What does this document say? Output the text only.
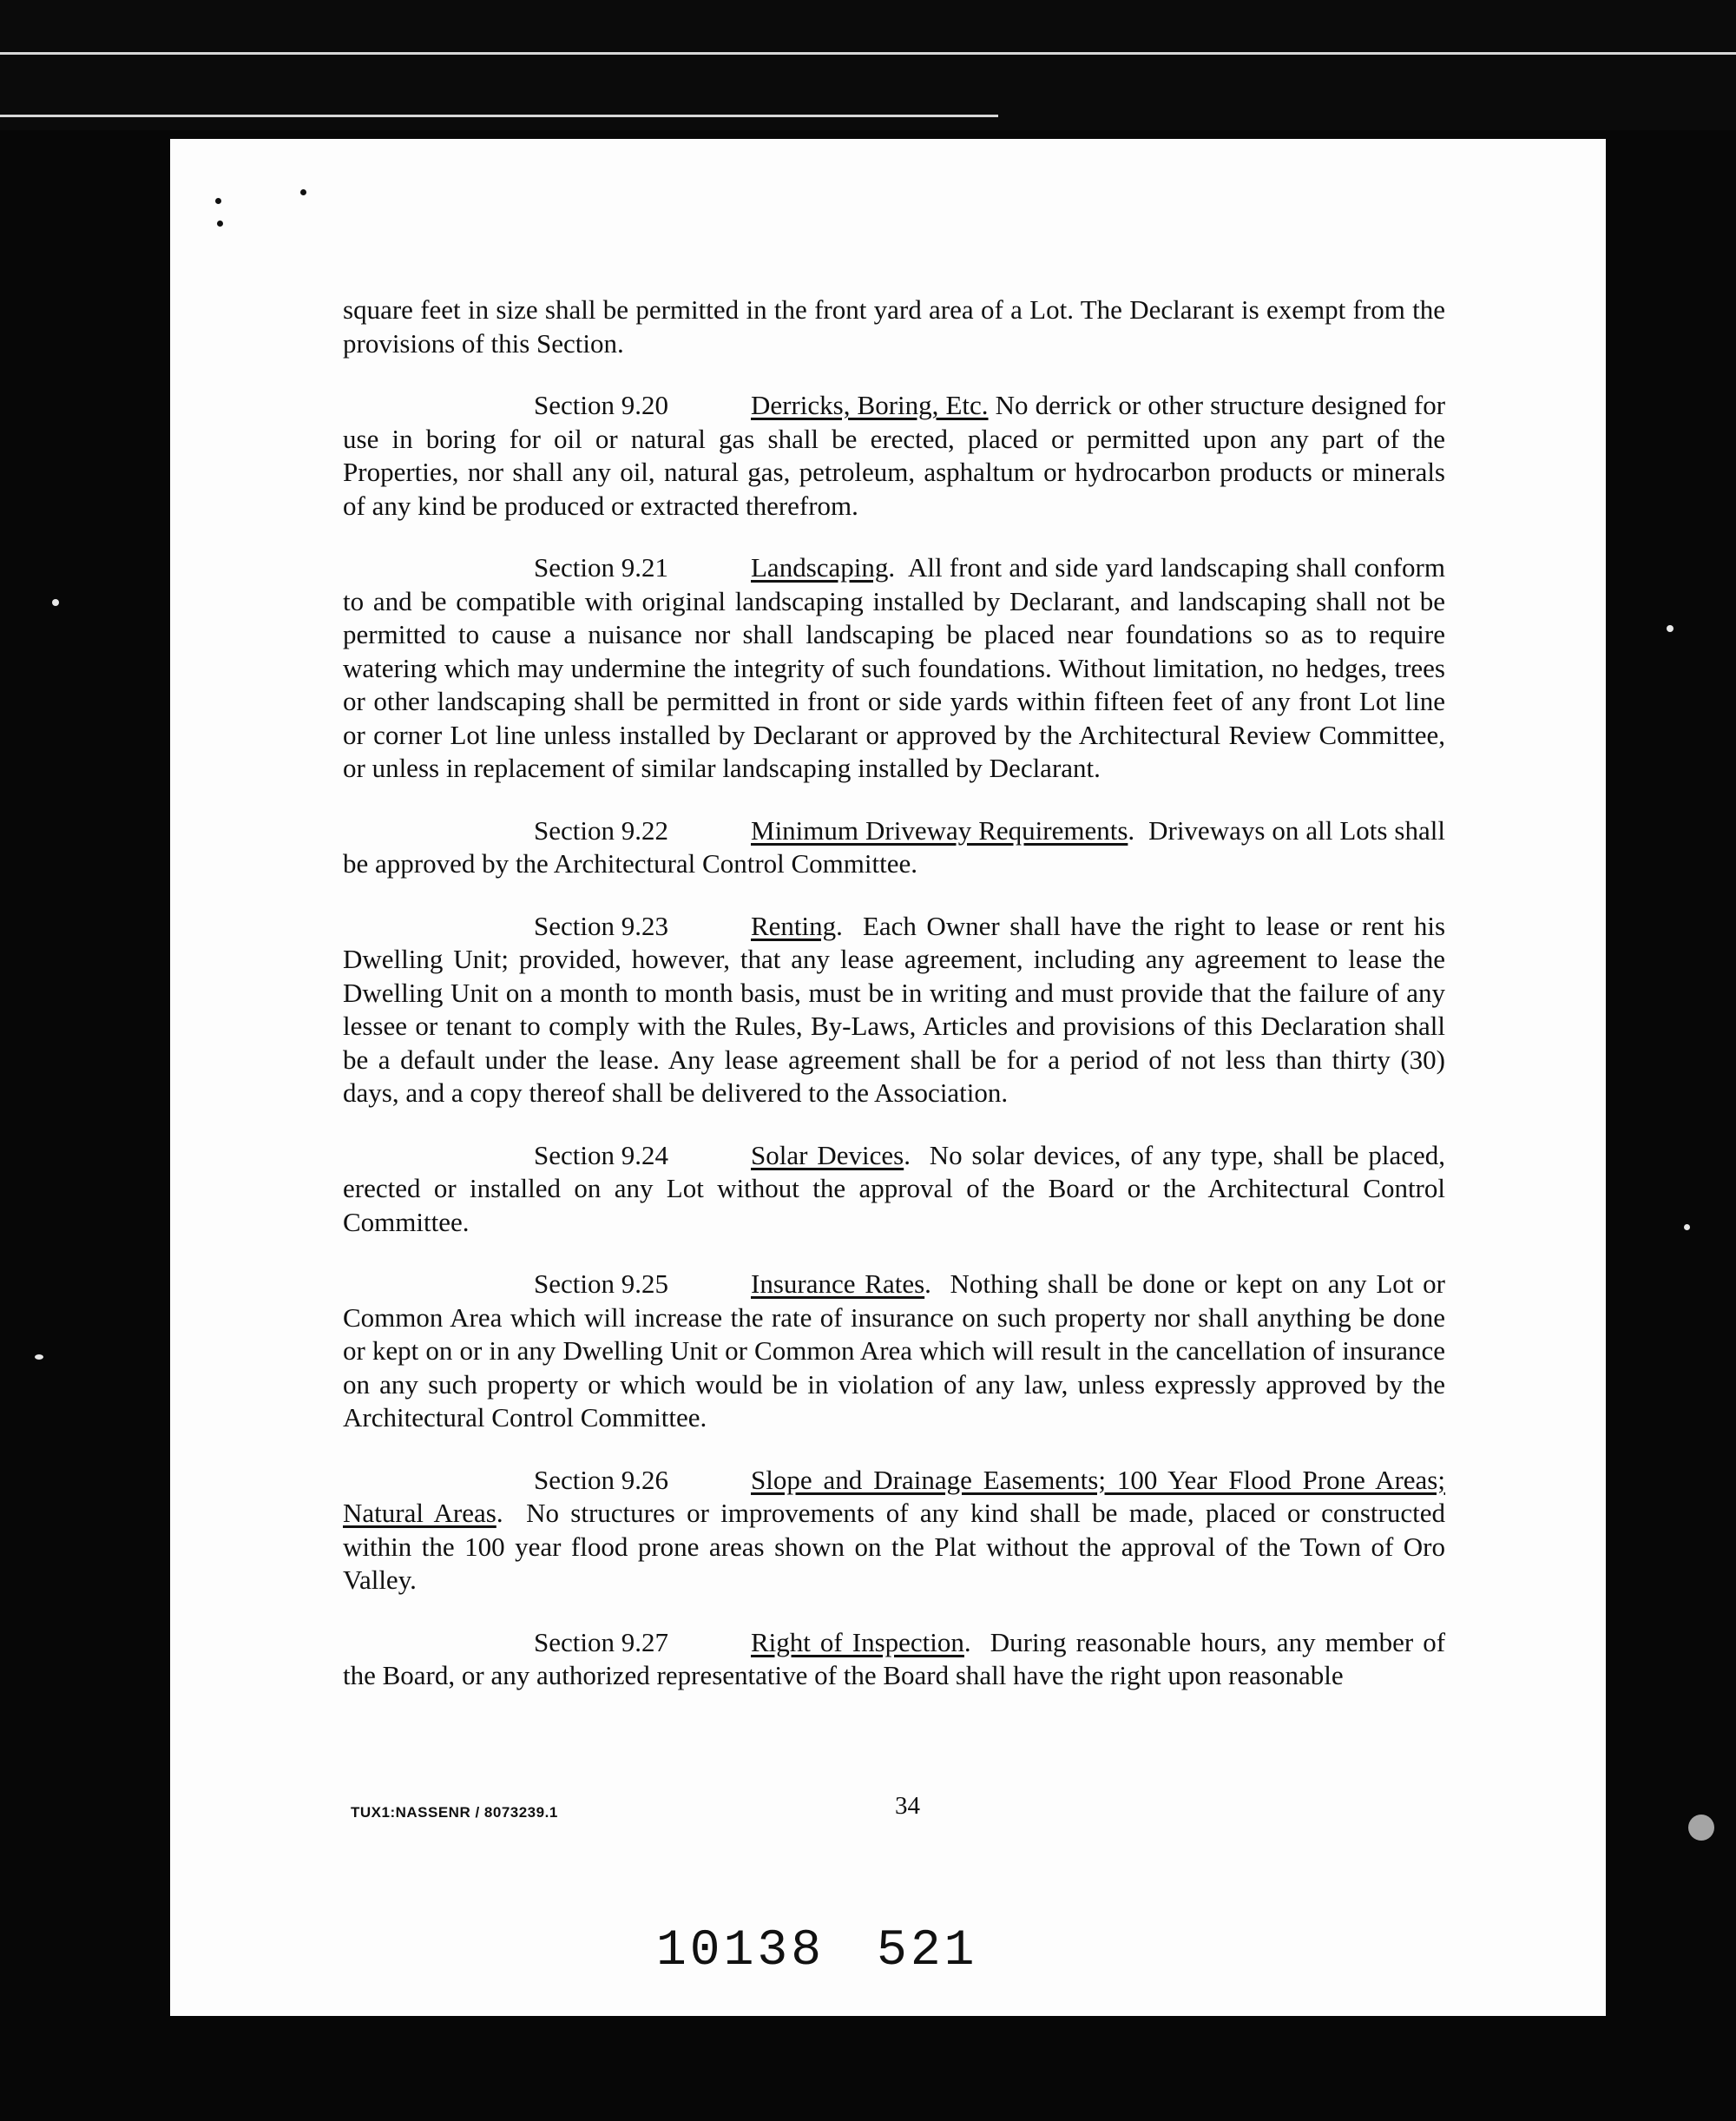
square feet in size shall be permitted in the front yard area of a Lot. The Declarant is exempt from the provisions of this Section.

Section 9.20	Derricks, Boring, Etc. No derrick or other structure designed for use in boring for oil or natural gas shall be erected, placed or permitted upon any part of the Properties, nor shall any oil, natural gas, petroleum, asphaltum or hydrocarbon products or minerals of any kind be produced or extracted therefrom.

Section 9.21	Landscaping.  All front and side yard landscaping shall conform to and be compatible with original landscaping installed by Declarant, and landscaping shall not be permitted to cause a nuisance nor shall landscaping be placed near foundations so as to require watering which may undermine the integrity of such foundations. Without limitation, no hedges, trees or other landscaping shall be permitted in front or side yards within fifteen feet of any front Lot line or corner Lot line unless installed by Declarant or approved by the Architectural Review Committee, or unless in replacement of similar landscaping installed by Declarant.

Section 9.22	Minimum Driveway Requirements.  Driveways on all Lots shall be approved by the Architectural Control Committee.

Section 9.23	Renting.  Each Owner shall have the right to lease or rent his Dwelling Unit; provided, however, that any lease agreement, including any agreement to lease the Dwelling Unit on a month to month basis, must be in writing and must provide that the failure of any lessee or tenant to comply with the Rules, By-Laws, Articles and provisions of this Declaration shall be a default under the lease. Any lease agreement shall be for a period of not less than thirty (30) days, and a copy thereof shall be delivered to the Association.

Section 9.24	Solar Devices.  No solar devices, of any type, shall be placed, erected or installed on any Lot without the approval of the Board or the Architectural Control Committee.

Section 9.25	Insurance Rates.  Nothing shall be done or kept on any Lot or Common Area which will increase the rate of insurance on such property nor shall anything be done or kept on or in any Dwelling Unit or Common Area which will result in the cancellation of insurance on any such property or which would be in violation of any law, unless expressly approved by the Architectural Control Committee.

Section 9.26	Slope and Drainage Easements; 100 Year Flood Prone Areas; Natural Areas.  No structures or improvements of any kind shall be made, placed or constructed within the 100 year flood prone areas shown on the Plat without the approval of the Town of Oro Valley.

Section 9.27	Right of Inspection.  During reasonable hours, any member of the Board, or any authorized representative of the Board shall have the right upon reasonable

TUX1:NASSENR / 8073239.1	34
10138 521
